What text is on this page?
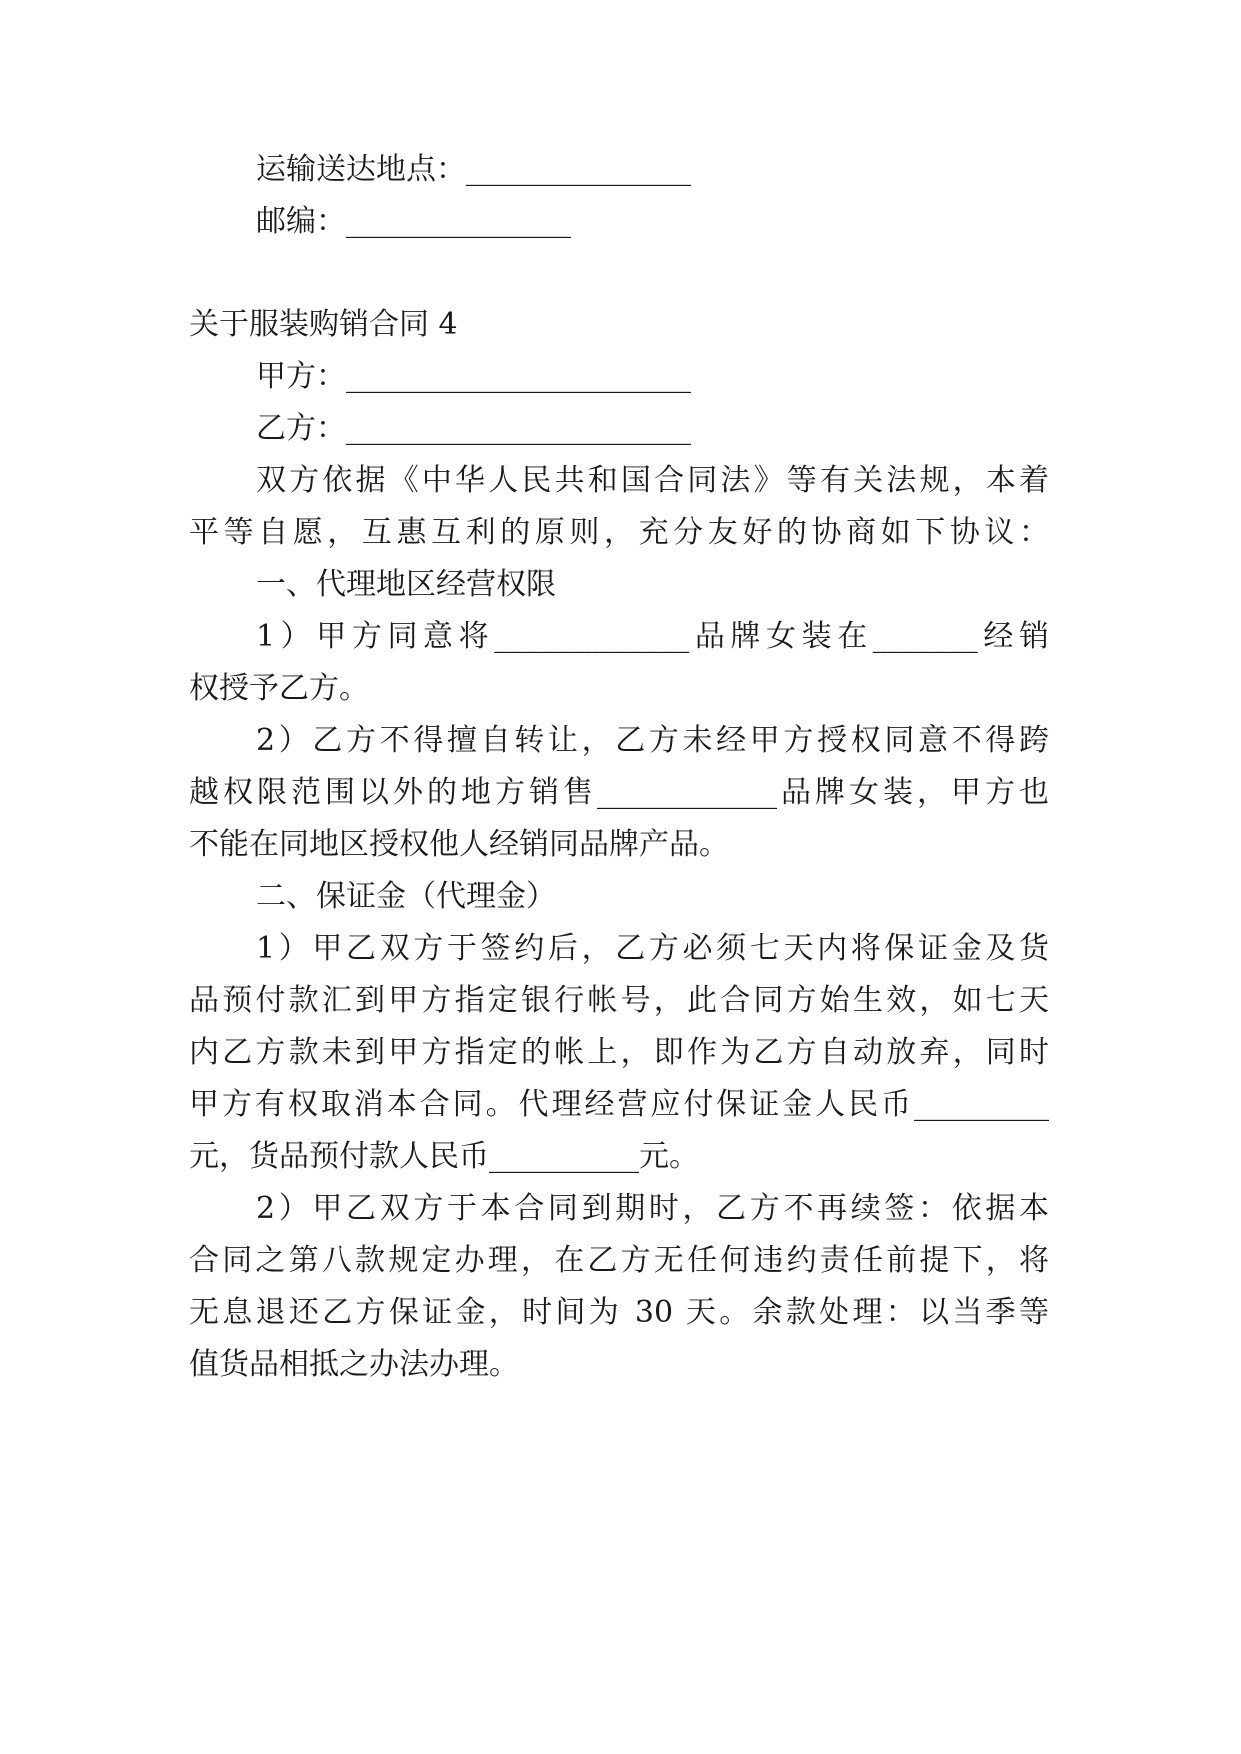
运输送达地点：_______________
邮编：_______________
关于服装购销合同 4
甲方：_______________________
乙方：_______________________
双方依据《中华人民共和国合同法》等有关法规，本着
平等自愿，互惠互利的原则，充分友好的协商如下协议：
一、代理地区经营权限
1）甲方同意将_____________品牌女装在_______经销
权授予乙方。
2）乙方不得擅自转让，乙方未经甲方授权同意不得跨
越权限范围以外的地方销售____________品牌女装，甲方也
不能在同地区授权他人经销同品牌产品。
二、保证金（代理金）
1）甲乙双方于签约后，乙方必须七天内将保证金及货
品预付款汇到甲方指定银行帐号，此合同方始生效，如七天
内乙方款未到甲方指定的帐上，即作为乙方自动放弃，同时
甲方有权取消本合同。代理经营应付保证金人民币_________
元，货品预付款人民币__________元。
2）甲乙双方于本合同到期时，乙方不再续签：依据本
合同之第八款规定办理，在乙方无任何违约责任前提下，将
无息退还乙方保证金，时间为 30 天。余款处理：以当季等
值货品相抵之办法办理。
